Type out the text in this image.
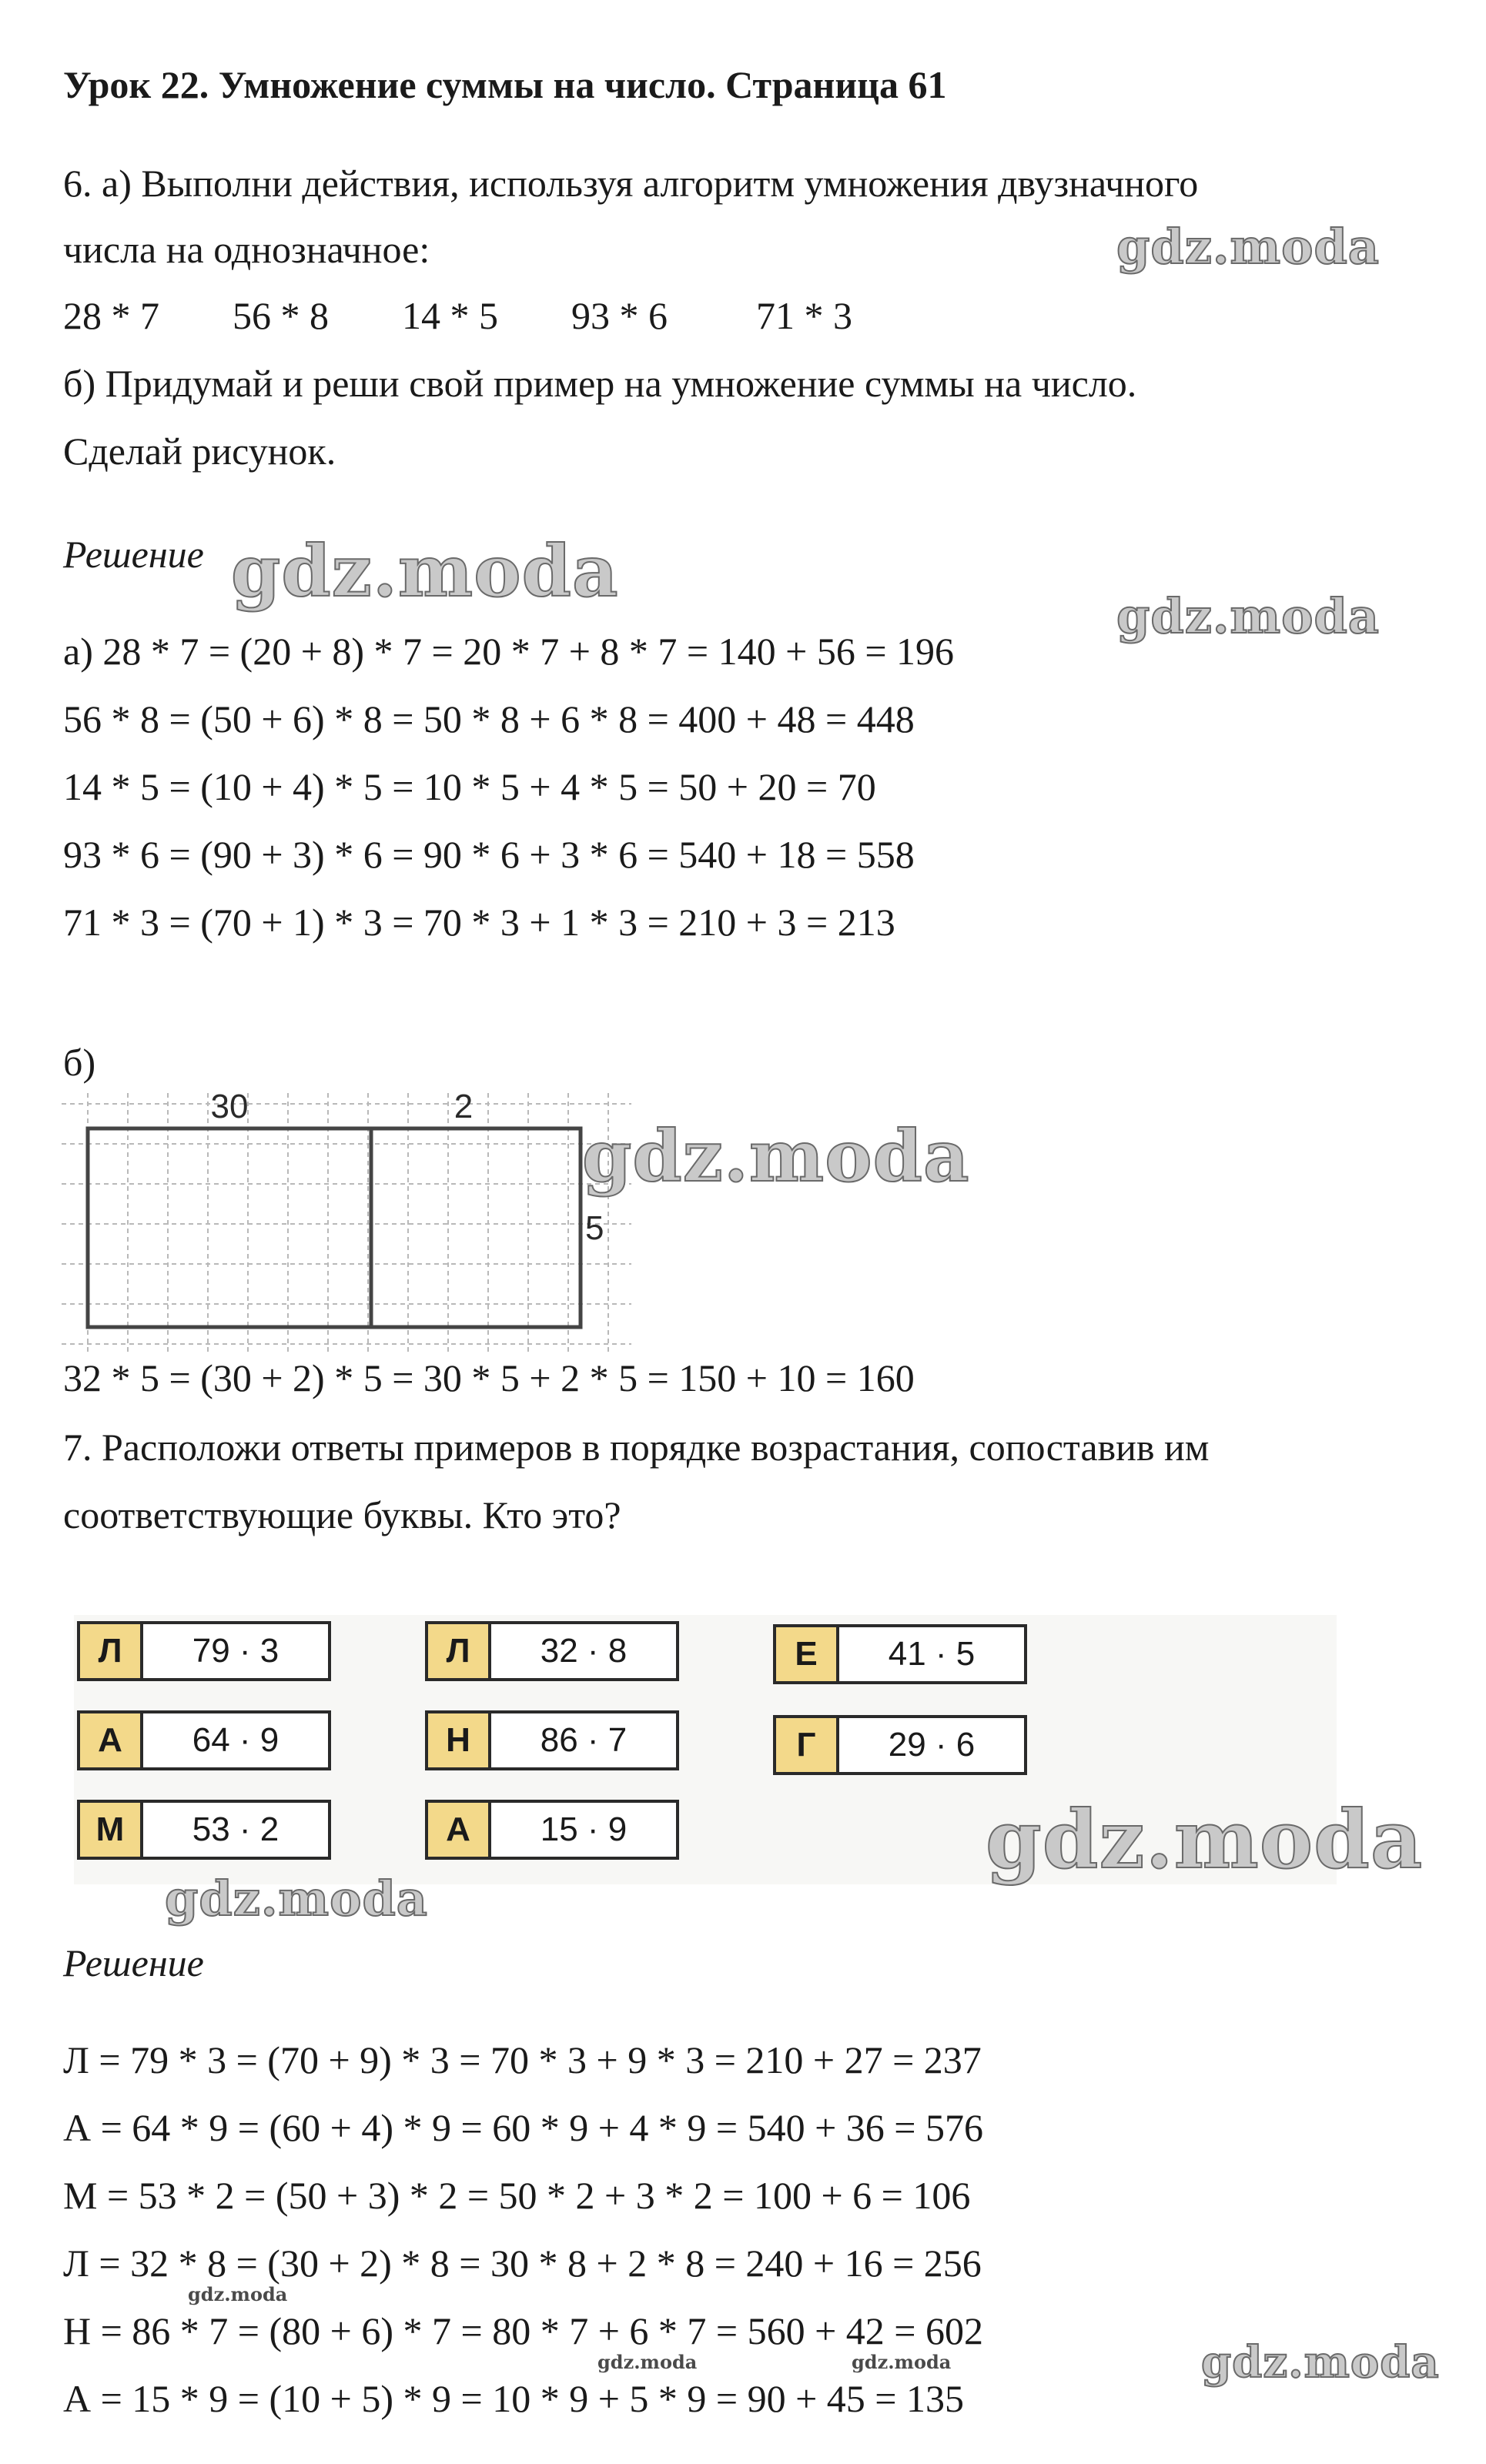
Урок 22. Умножение суммы на число. Страница 61
6. а) Выполни действия, используя алгоритм умножения двузначного
числа на однозначное:
28 * 7 56 * 8 14 * 5 93 * 6 71 * 3
б) Придумай и реши свой пример на умножение суммы на число.
Сделай рисунок.
Решение
а) 28 * 7 = (20 + 8) * 7 = 20 * 7 + 8 * 7 = 140 + 56 = 196
56 * 8 = (50 + 6) * 8 = 50 * 8 + 6 * 8 = 400 + 48 = 448
14 * 5 = (10 + 4) * 5 = 10 * 5 + 4 * 5 = 50 + 20 = 70
93 * 6 = (90 + 3) * 6 = 90 * 6 + 3 * 6 = 540 + 18 = 558
71 * 3 = (70 + 1) * 3 = 70 * 3 + 1 * 3 = 210 + 3 = 213
б)
30	2
5
32 * 5 = (30 + 2) * 5 = 30 * 5 + 2 * 5 = 150 + 10 = 160
7. Расположи ответы примеров в порядке возрастания, сопоставив им
соответствующие буквы. Кто это?
Л	79 · 3
А	64 · 9
М	53 · 2
Л	32 · 8
Н	86 · 7
А	15 · 9
Е	41 · 5
Г	29 · 6
Решение
Л = 79 * 3 = (70 + 9) * 3 = 70 * 3 + 9 * 3 = 210 + 27 = 237
А = 64 * 9 = (60 + 4) * 9 = 60 * 9 + 4 * 9 = 540 + 36 = 576
М = 53 * 2 = (50 + 3) * 2 = 50 * 2 + 3 * 2 = 100 + 6 = 106
Л = 32 * 8 = (30 + 2) * 8 = 30 * 8 + 2 * 8 = 240 + 16 = 256
Н = 86 * 7 = (80 + 6) * 7 = 80 * 7 + 6 * 7 = 560 + 42 = 602
А = 15 * 9 = (10 + 5) * 9 = 10 * 9 + 5 * 9 = 90 + 45 = 135
gdz.moda
gdz.moda
gdz.moda
gdz.moda
gdz.moda
gdz.moda
gdz.moda
gdz.moda
gdz.moda	gdz.moda
